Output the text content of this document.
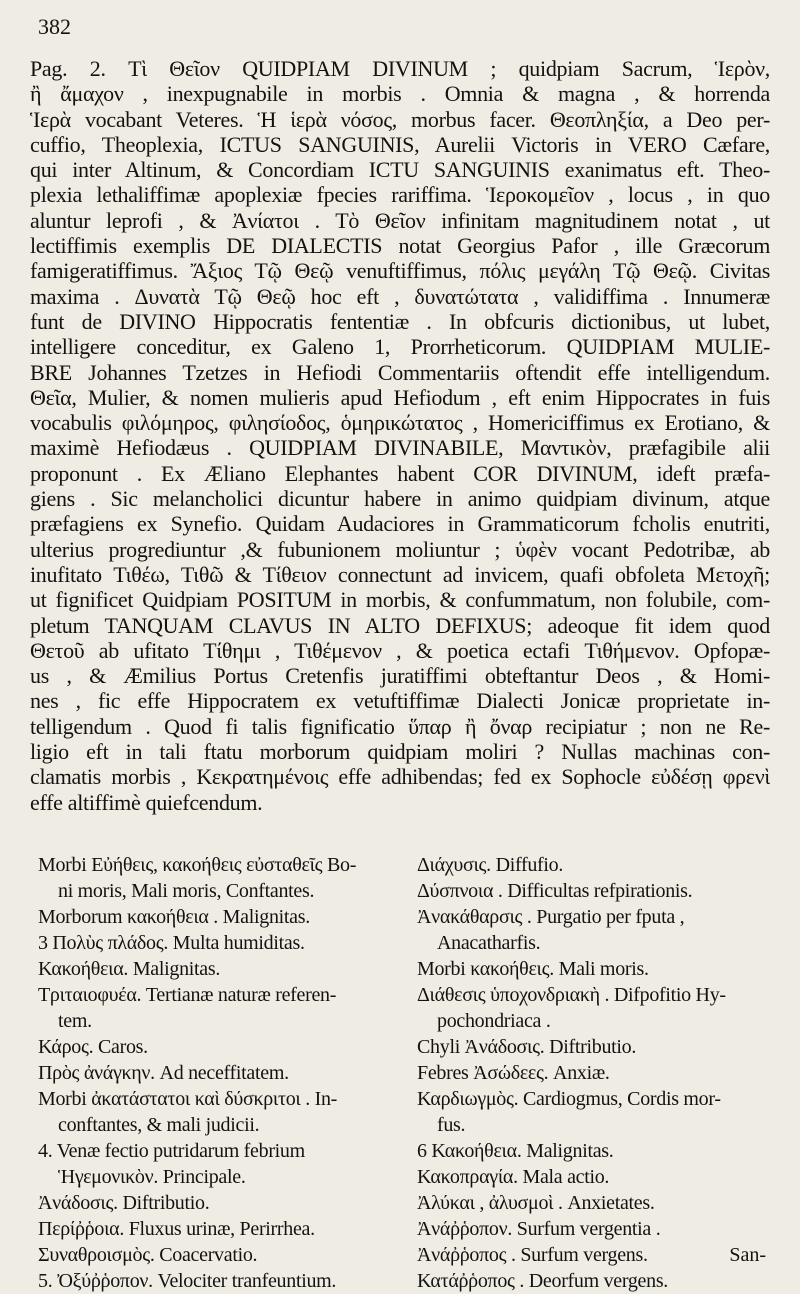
382
Pag. 2. Τὶ Θεῖον QUIDPIAM DIVINUM ; quidpiam Sacrum, Ἱερὸν,
ἢ ἄμαχον , inexpugnabile in morbis . Omnia & magna , & horrenda
Ἱερὰ vocabant Veteres. Ἡ ἱερὰ νόσος, morbus facer. Θεοπληξία, a Deo per-
cuffio, Theoplexia, ICTUS SANGUINIS, Aurelii Victoris in VERO Cæfare,
qui inter Altinum, & Concordiam ICTU SANGUINIS exanimatus eft. Theo-
plexia lethaliffimæ apoplexiæ fpecies rariffima. Ἱεροκομεῖον , locus , in quo
aluntur leprofi , & Ἀνίατοι . Τὸ Θεῖον infinitam magnitudinem notat , ut
lectiffimis exemplis DE DIALECTIS notat Georgius Pafor , ille Græcorum
famigeratiffimus. Ἄξιος Τῷ Θεῷ venuftiffimus, πόλις μεγάλη Τῷ Θεῷ. Civitas
maxima . Δυνατὰ Τῷ Θεῷ hoc eft , δυνατώτατα , validiffima . Innumeræ
funt de DIVINO Hippocratis fententiæ . In obfcuris dictionibus, ut lubet,
intelligere conceditur, ex Galeno 1, Prorrheticorum. QUIDPIAM MULIE-
BRE Johannes Tzetzes in Hefiodi Commentariis oftendit effe intelligendum.
Θεῖα, Mulier, & nomen mulieris apud Hefiodum , eft enim Hippocrates in fuis
vocabulis φιλόμηρος, φιλησίοδος, ὁμηρικώτατος , Homericiffimus ex Erotiano, &
maximè Hefiodæus . QUIDPIAM DIVINABILE, Μαντικὸν, præfagibile alii
proponunt . Ex Æliano Elephantes habent COR DIVINUM, ideft præfa-
giens . Sic melancholici dicuntur habere in animo quidpiam divinum, atque
præfagiens ex Synefio. Quidam Audaciores in Grammaticorum fcholis enutriti,
ulterius progrediuntur ,& fubunionem moliuntur ; ὑφὲν vocant Pedotribæ, ab
inufitato Τιθέω, Τιθῶ & Τίθειον connectunt ad invicem, quafi obfoleta Μετοχῆ;
ut fignificet Quidpiam POSITUM in morbis, & confummatum, non folubile, com-
pletum TANQUAM CLAVUS IN ALTO DEFIXUS; adeoque fit idem quod
Θετοῦ ab ufitato Τίθημι , Τιθέμενον , & poetica ectafi Τιθήμενον. Opfopæ-
us , & Æmilius Portus Cretenfis juratiffimi obteftantur Deos , & Homi-
nes , fic effe Hippocratem ex vetuftiffimæ Dialecti Jonicæ proprietate in-
telligendum . Quod fi talis fignificatio ὕπαρ ἢ ὄναρ recipiatur ; non ne Re-
ligio eft in tali ftatu morborum quidpiam moliri ? Nullas machinas con-
clamatis morbis , Κεκρατημένοις effe adhibendas; fed ex Sophocle εὐδέσῃ φρενὶ
effe altiffimè quiefcendum.
Morbi Εὐήθεις, κακοήθεις εὐσταθεῖς Bo-
ni moris, Mali moris, Conftantes.
Morborum κακοήθεια . Malignitas.
3 Πολὺς πλάδος. Multa humiditas.
Κακοήθεια. Malignitas.
Τριταιοφυέα. Tertianæ naturæ referen-
tem.
Κάρος. Caros.
Πρὸς ἀνάγκην. Ad neceffitatem.
Morbi ἀκατάστατοι καὶ δύσκριτοι . In-
conftantes, & mali judicii.
4. Venæ fectio putridarum febrium
Ἡγεμονικὸν. Principale.
Ἀνάδοσις. Diftributio.
Περίῤῥοια. Fluxus urinæ, Perirrhea.
Συναθροισμὸς. Coacervatio.
5. Ὀξύῤῥοπον. Velociter tranfeuntium.
Διάχυσις. Diffufio.
Δύσπνοια . Difficultas refpirationis.
Ἀνακάθαρσις . Purgatio per fputa ,
Anacatharfis.
Morbi κακοήθεις. Mali moris.
Διάθεσις ὑποχονδριακὴ . Difpofitio Hy-
pochondriaca .
Chyli Ἀνάδοσις. Diftributio.
Febres Ἀσώδεες. Anxiæ.
Καρδιωγμὸς. Cardiogmus, Cordis mor-
fus.
6 Κακοήθεια. Malignitas.
Κακοπραγία. Mala actio.
Ἀλύκαι , ἀλυσμοὶ . Anxietates.
Ἀνάῤῥοπον. Surfum vergentia .
Ἀνάῤῥοπος . Surfum vergens.
Κατάῤῥοπος . Deorfum vergens.
San-
